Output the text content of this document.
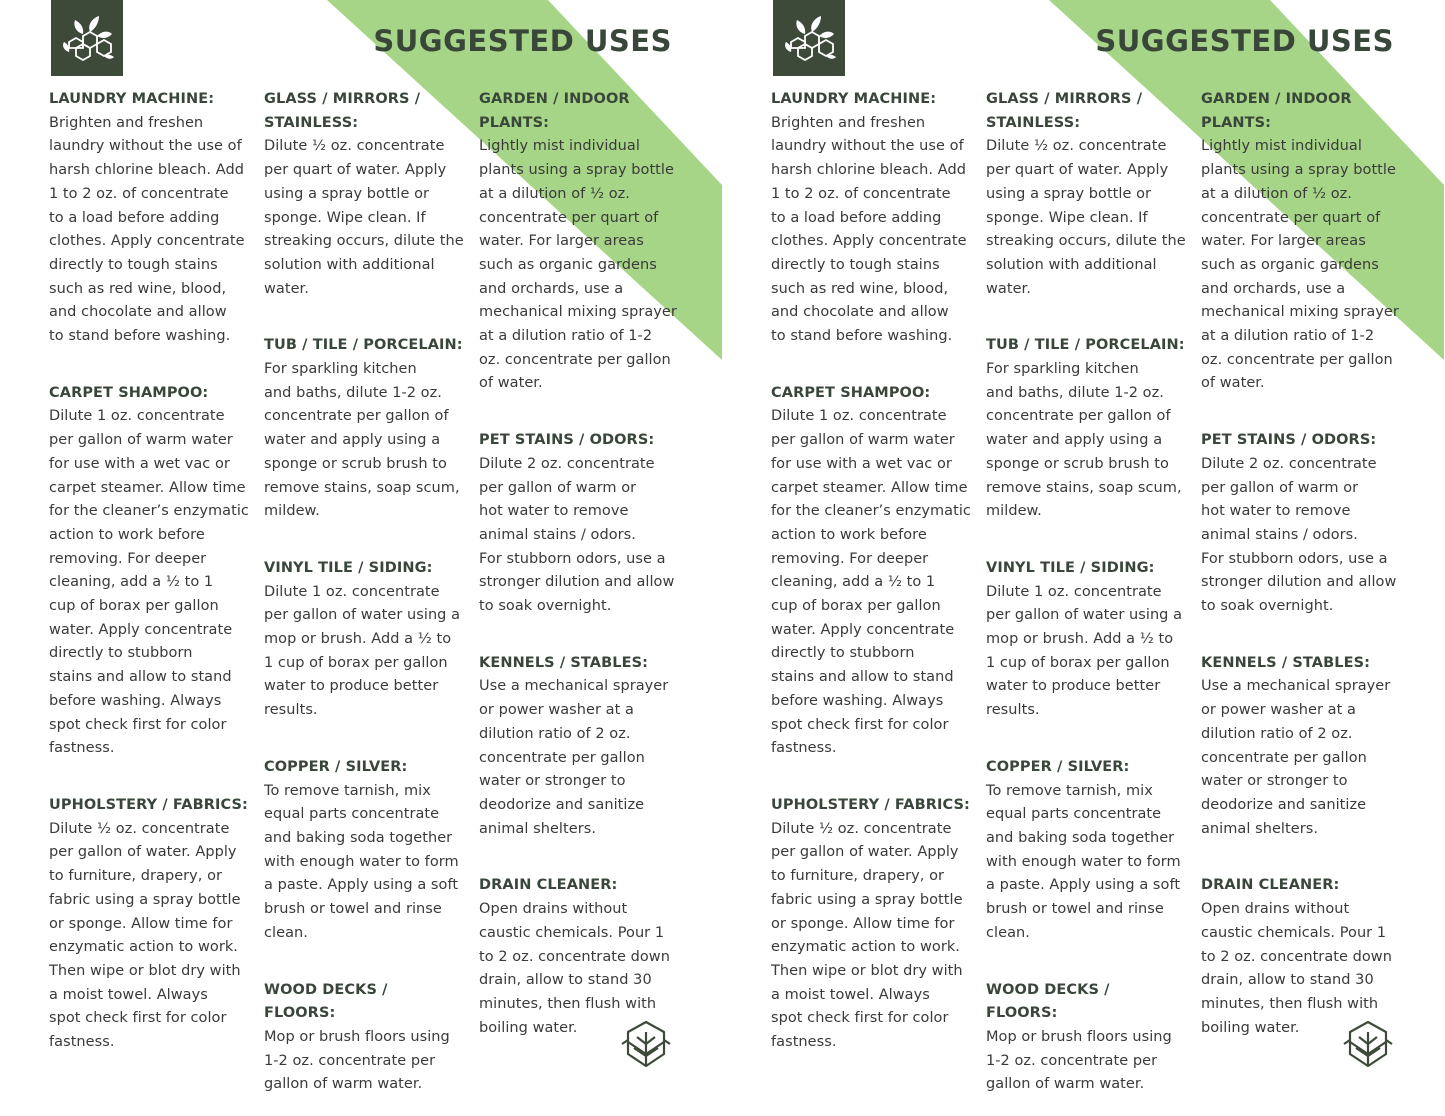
SUGGESTED USES
LAUNDRY MACHINE:

Brighten and freshen
laundry without the use of
harsh chlorine bleach. Add
1 to 2 oz. of concentrate
to a load before adding
clothes. Apply concentrate
directly to tough stains
such as red wine, blood,
and chocolate and allow
to stand before washing.

CARPET SHAMPOO:

Dilute 1 oz. concentrate
per gallon of warm water
for use with a wet vac or
carpet steamer. Allow time
for the cleaner’s enzymatic
action to work before
removing. For deeper
cleaning, add a ½ to 1
cup of borax per gallon
water. Apply concentrate
directly to stubborn
stains and allow to stand
before washing. Always
spot check first for color
fastness.

UPHOLSTERY / FABRICS:

Dilute ½ oz. concentrate
per gallon of water. Apply
to furniture, drapery, or
fabric using a spray bottle
or sponge. Allow time for
enzymatic action to work.
Then wipe or blot dry with
a moist towel. Always
spot check first for color
fastness.

GLASS / MIRRORS /
STAINLESS:

Dilute ½ oz. concentrate
per quart of water. Apply
using a spray bottle or
sponge. Wipe clean. If
streaking occurs, dilute the
solution with additional
water.

TUB / TILE / PORCELAIN:

For sparkling kitchen
and baths, dilute 1-2 oz.
concentrate per gallon of
water and apply using a
sponge or scrub brush to
remove stains, soap scum,
mildew.

VINYL TILE / SIDING:

Dilute 1 oz. concentrate
per gallon of water using a
mop or brush. Add a ½ to
1 cup of borax per gallon
water to produce better
results.

COPPER / SILVER:

To remove tarnish, mix
equal parts concentrate
and baking soda together
with enough water to form
a paste. Apply using a soft
brush or towel and rinse
clean.

WOOD DECKS / FLOORS:

Mop or brush floors using
1-2 oz. concentrate per
gallon of warm water.

GARDEN / INDOOR PLANTS:

Lightly mist individual
plants using a spray bottle
at a dilution of ½ oz.
concentrate per quart of
water. For larger areas
such as organic gardens
and orchards, use a
mechanical mixing sprayer
at a dilution ratio of 1-2
oz. concentrate per gallon
of water.

PET STAINS / ODORS:

Dilute 2 oz. concentrate
per gallon of warm or
hot water to remove
animal stains / odors.
For stubborn odors, use a
stronger dilution and allow
to soak overnight.

KENNELS / STABLES:

Use a mechanical sprayer
or power washer at a
dilution ratio of 2 oz.
concentrate per gallon
water or stronger to
deodorize and sanitize
animal shelters.

DRAIN CLEANER:

Open drains without
caustic chemicals. Pour 1
to 2 oz. concentrate down
drain, allow to stand 30
minutes, then flush with
boiling water.

SUGGESTED USES
LAUNDRY MACHINE:

Brighten and freshen
laundry without the use of
harsh chlorine bleach. Add
1 to 2 oz. of concentrate
to a load before adding
clothes. Apply concentrate
directly to tough stains
such as red wine, blood,
and chocolate and allow
to stand before washing.

CARPET SHAMPOO:

Dilute 1 oz. concentrate
per gallon of warm water
for use with a wet vac or
carpet steamer. Allow time
for the cleaner’s enzymatic
action to work before
removing. For deeper
cleaning, add a ½ to 1
cup of borax per gallon
water. Apply concentrate
directly to stubborn
stains and allow to stand
before washing. Always
spot check first for color
fastness.

UPHOLSTERY / FABRICS:

Dilute ½ oz. concentrate
per gallon of water. Apply
to furniture, drapery, or
fabric using a spray bottle
or sponge. Allow time for
enzymatic action to work.
Then wipe or blot dry with
a moist towel. Always
spot check first for color
fastness.

GLASS / MIRRORS /
STAINLESS:

Dilute ½ oz. concentrate
per quart of water. Apply
using a spray bottle or
sponge. Wipe clean. If
streaking occurs, dilute the
solution with additional
water.

TUB / TILE / PORCELAIN:

For sparkling kitchen
and baths, dilute 1-2 oz.
concentrate per gallon of
water and apply using a
sponge or scrub brush to
remove stains, soap scum,
mildew.

VINYL TILE / SIDING:

Dilute 1 oz. concentrate
per gallon of water using a
mop or brush. Add a ½ to
1 cup of borax per gallon
water to produce better
results.

COPPER / SILVER:

To remove tarnish, mix
equal parts concentrate
and baking soda together
with enough water to form
a paste. Apply using a soft
brush or towel and rinse
clean.

WOOD DECKS / FLOORS:

Mop or brush floors using
1-2 oz. concentrate per
gallon of warm water.

GARDEN / INDOOR PLANTS:

Lightly mist individual
plants using a spray bottle
at a dilution of ½ oz.
concentrate per quart of
water. For larger areas
such as organic gardens
and orchards, use a
mechanical mixing sprayer
at a dilution ratio of 1-2
oz. concentrate per gallon
of water.

PET STAINS / ODORS:

Dilute 2 oz. concentrate
per gallon of warm or
hot water to remove
animal stains / odors.
For stubborn odors, use a
stronger dilution and allow
to soak overnight.

KENNELS / STABLES:

Use a mechanical sprayer
or power washer at a
dilution ratio of 2 oz.
concentrate per gallon
water or stronger to
deodorize and sanitize
animal shelters.

DRAIN CLEANER:

Open drains without
caustic chemicals. Pour 1
to 2 oz. concentrate down
drain, allow to stand 30
minutes, then flush with
boiling water.
